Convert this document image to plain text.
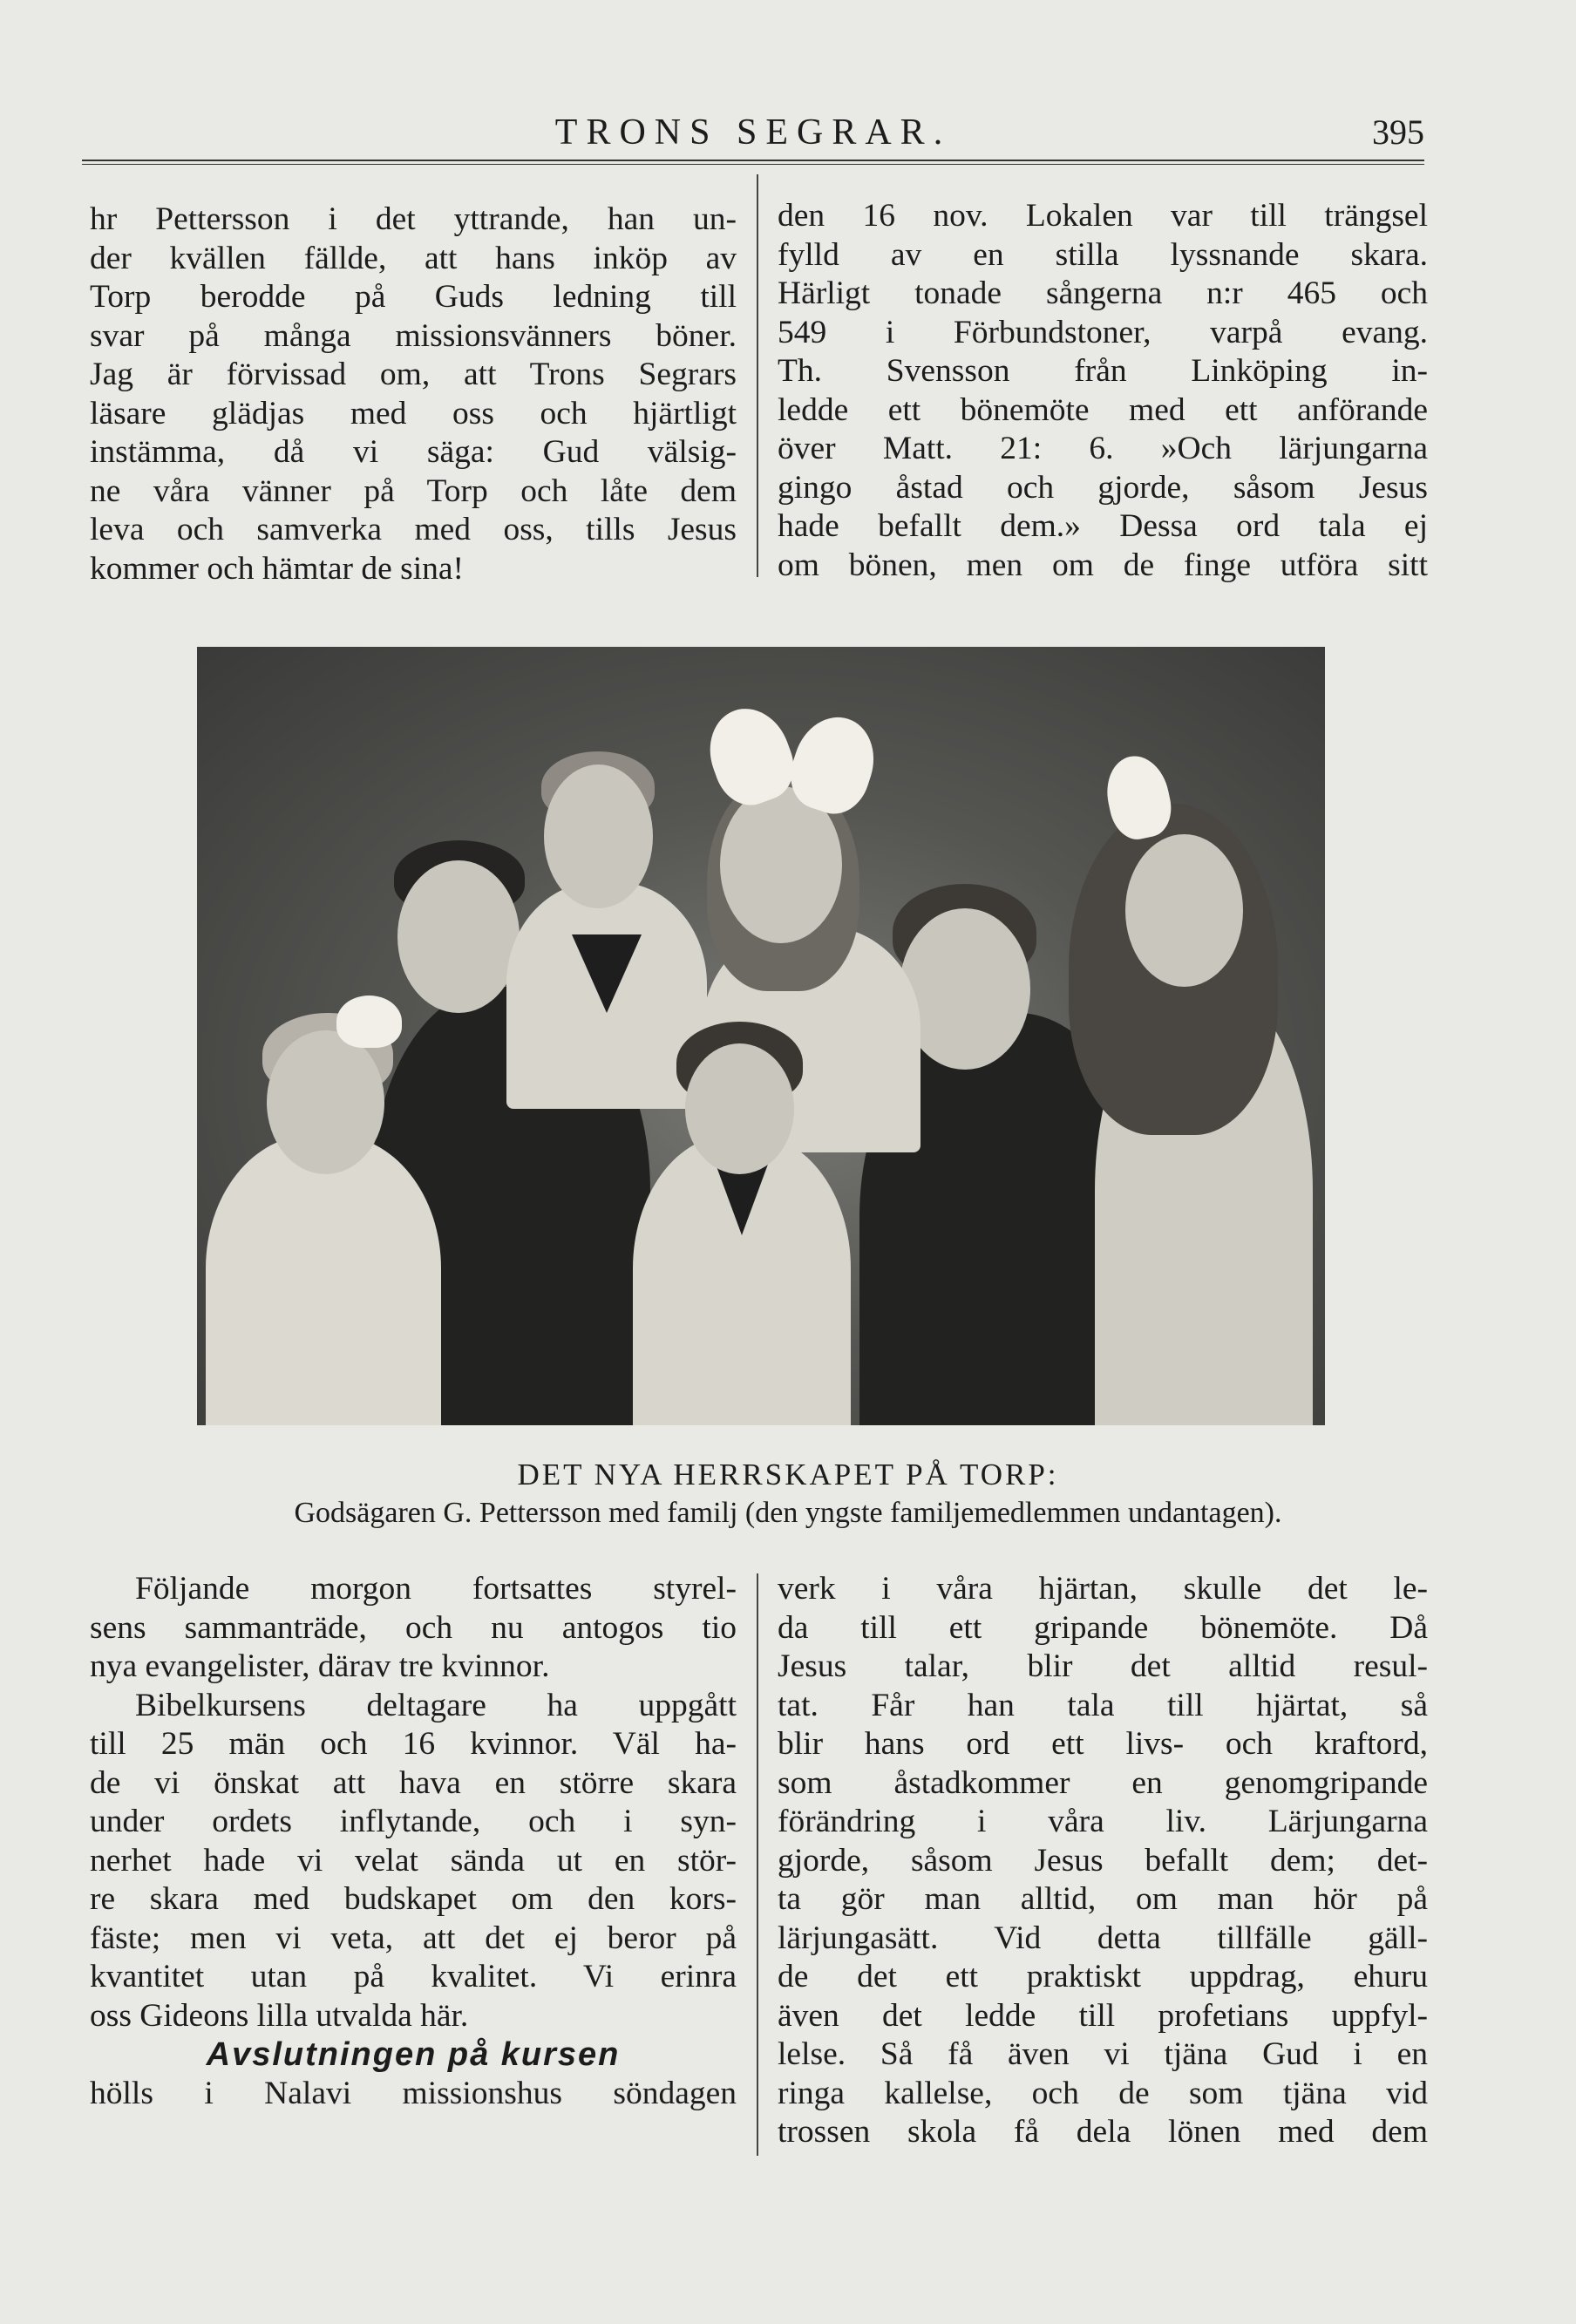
TRONS SEGRAR.	395
hr Pettersson i det yttrande, han un-
der kvällen fällde, att hans inköp av
Torp berodde på Guds ledning till
svar på många missionsvänners böner.
Jag är förvissad om, att Trons Segrars
läsare glädjas med oss och hjärtligt
instämma, då vi säga: Gud välsig-
ne våra vänner på Torp och låte dem
leva och samverka med oss, tills Jesus
kommer och hämtar de sina!
den 16 nov. Lokalen var till trängsel
fylld av en stilla lyssnande skara.
Härligt tonade sångerna n:r 465 och
549 i Förbundstoner, varpå evang.
Th. Svensson från Linköping in-
ledde ett bönemöte med ett anförande
över Matt. 21: 6. »Och lärjungarna
gingo åstad och gjorde, såsom Jesus
hade befallt dem.» Dessa ord tala ej
om bönen, men om de finge utföra sitt
DET NYA HERRSKAPET PÅ TORP:
Godsägaren G. Pettersson med familj (den yngste familjemedlemmen undantagen).
Följande morgon fortsattes styrel-
sens sammanträde, och nu antogos tio
nya evangelister, därav tre kvinnor.
Bibelkursens deltagare ha uppgått
till 25 män och 16 kvinnor. Väl ha-
de vi önskat att hava en större skara
under ordets inflytande, och i syn-
nerhet hade vi velat sända ut en stör-
re skara med budskapet om den kors-
fäste; men vi veta, att det ej beror på
kvantitet utan på kvalitet. Vi erinra
oss Gideons lilla utvalda här.
Avslutningen på kursen
hölls i Nalavi missionshus söndagen
verk i våra hjärtan, skulle det le-
da till ett gripande bönemöte. Då
Jesus talar, blir det alltid resul-
tat. Får han tala till hjärtat, så
blir hans ord ett livs- och kraftord,
som åstadkommer en genomgripande
förändring i våra liv. Lärjungarna
gjorde, såsom Jesus befallt dem; det-
ta gör man alltid, om man hör på
lärjungasätt. Vid detta tillfälle gäll-
de det ett praktiskt uppdrag, ehuru
även det ledde till profetians uppfyl-
lelse. Så få även vi tjäna Gud i en
ringa kallelse, och de som tjäna vid
trossen skola få dela lönen med dem
